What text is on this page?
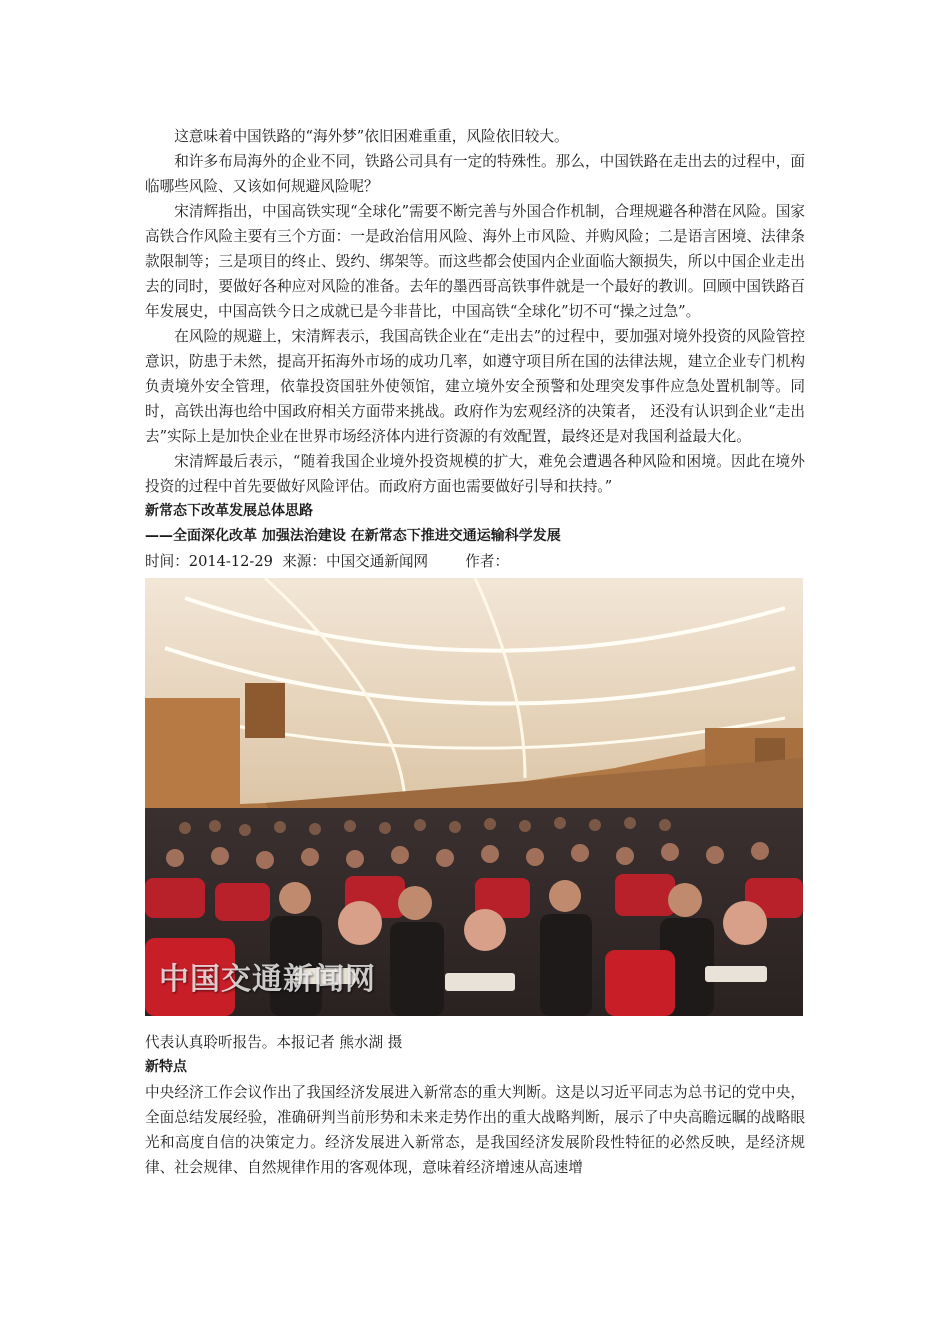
这意味着中国铁路的“海外梦”依旧困难重重，风险依旧较大。

和许多布局海外的企业不同，铁路公司具有一定的特殊性。那么，中国铁路在走出去的过程中，面临哪些风险、又该如何规避风险呢？

宋清辉指出，中国高铁实现“全球化”需要不断完善与外国合作机制，合理规避各种潜在风险。国家高铁合作风险主要有三个方面：一是政治信用风险、海外上市风险、并购风险；二是语言困境、法律条款限制等；三是项目的终止、毁约、绑架等。而这些都会使国内企业面临大额损失，所以中国企业走出去的同时，要做好各种应对风险的准备。去年的墨西哥高铁事件就是一个最好的教训。回顾中国铁路百年发展史，中国高铁今日之成就已是今非昔比，中国高铁“全球化”切不可“操之过急”。

在风险的规避上，宋清辉表示，我国高铁企业在“走出去”的过程中，要加强对境外投资的风险管控意识，防患于未然，提高开拓海外市场的成功几率，如遵守项目所在国的法律法规，建立企业专门机构负责境外安全管理，依靠投资国驻外使领馆，建立境外安全预警和处理突发事件应急处置机制等。同时，高铁出海也给中国政府相关方面带来挑战。政府作为宏观经济的决策者， 还没有认识到企业“走出去”实际上是加快企业在世界市场经济体内进行资源的有效配置，最终还是对我国利益最大化。

宋清辉最后表示，“随着我国企业境外投资规模的扩大，难免会遭遇各种风险和困境。因此在境外投资的过程中首先要做好风险评估。而政府方面也需要做好引导和扶持。”

新常态下改革发展总体思路

——全面深化改革 加强法治建设 在新常态下推进交通运输科学发展

时间：2014-12-29  来源：中国交通新闻网        作者：

中国交通新闻网

代表认真聆听报告。本报记者 熊水湖 摄

新特点

中央经济工作会议作出了我国经济发展进入新常态的重大判断。这是以习近平同志为总书记的党中央，全面总结发展经验，准确研判当前形势和未来走势作出的重大战略判断，展示了中央高瞻远瞩的战略眼光和高度自信的决策定力。经济发展进入新常态，是我国经济发展阶段性特征的必然反映，是经济规律、社会规律、自然规律作用的客观体现，意味着经济增速从高速增
